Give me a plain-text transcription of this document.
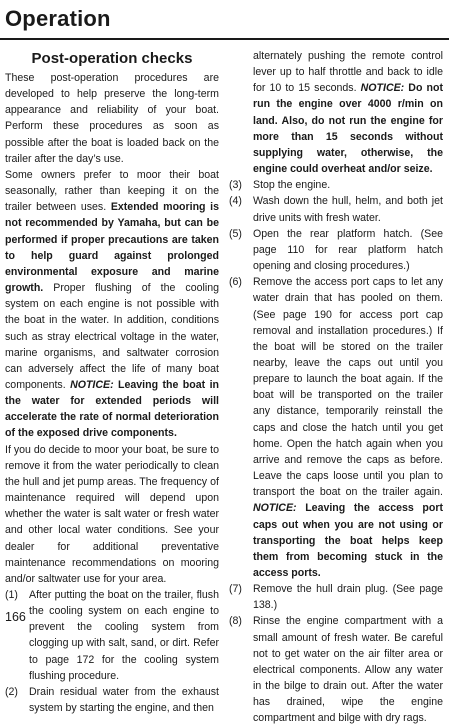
Operation

Post-operation checks

These post-operation procedures are developed to help preserve the long-term appearance and reliability of your boat. Perform these procedures as soon as possible after the boat is loaded back on the trailer after the day’s use.

Some owners prefer to moor their boat seasonally, rather than keeping it on the trailer between uses. Extended mooring is not recommended by Yamaha, but can be performed if proper precautions are taken to help guard against prolonged environmental exposure and marine growth. Proper flushing of the cooling system on each engine is not possible with the boat in the water. In addition, conditions such as stray electrical voltage in the water, marine organisms, and saltwater corrosion can adversely affect the life of many boat components. NOTICE: Leaving the boat in the water for extended periods will accelerate the rate of normal deterioration of the exposed drive components.

If you do decide to moor your boat, be sure to remove it from the water periodically to clean the hull and jet pump areas. The frequency of maintenance required will depend upon whether the water is salt water or fresh water and other local water conditions. See your dealer for additional preventative maintenance recommendations on mooring and/or saltwater use for your area.

(1) After putting the boat on the trailer, flush the cooling system on each engine to prevent the cooling system from clogging up with salt, sand, or dirt. Refer to page 172 for the cooling system flushing procedure.
(2) Drain residual water from the exhaust system by starting the engine, and then
alternately pushing the remote control lever up to half throttle and back to idle for 10 to 15 seconds. NOTICE: Do not run the engine over 4000 r/min on land. Also, do not run the engine for more than 15 seconds without supplying water, otherwise, the engine could overheat and/or seize.
(3) Stop the engine.
(4) Wash down the hull, helm, and both jet drive units with fresh water.
(5) Open the rear platform hatch. (See page 110 for rear platform hatch opening and closing procedures.)
(6) Remove the access port caps to let any water drain that has pooled on them. (See page 190 for access port cap removal and installation procedures.) If the boat will be stored on the trailer nearby, leave the caps out until you prepare to launch the boat again. If the boat will be transported on the trailer any distance, temporarily reinstall the caps and close the hatch until you get home. Open the hatch again when you arrive and remove the caps as before. Leave the caps loose until you plan to transport the boat on the trailer again. NOTICE: Leaving the access port caps out when you are not using or transporting the boat helps keep them from becoming stuck in the access ports.
(7) Remove the hull drain plug. (See page 138.)
(8) Rinse the engine compartment with a small amount of fresh water. Be careful not to get water on the air filter area or electrical components. Allow any water in the bilge to drain out. After the water has drained, wipe the engine compartment and bilge with dry rags.
166
